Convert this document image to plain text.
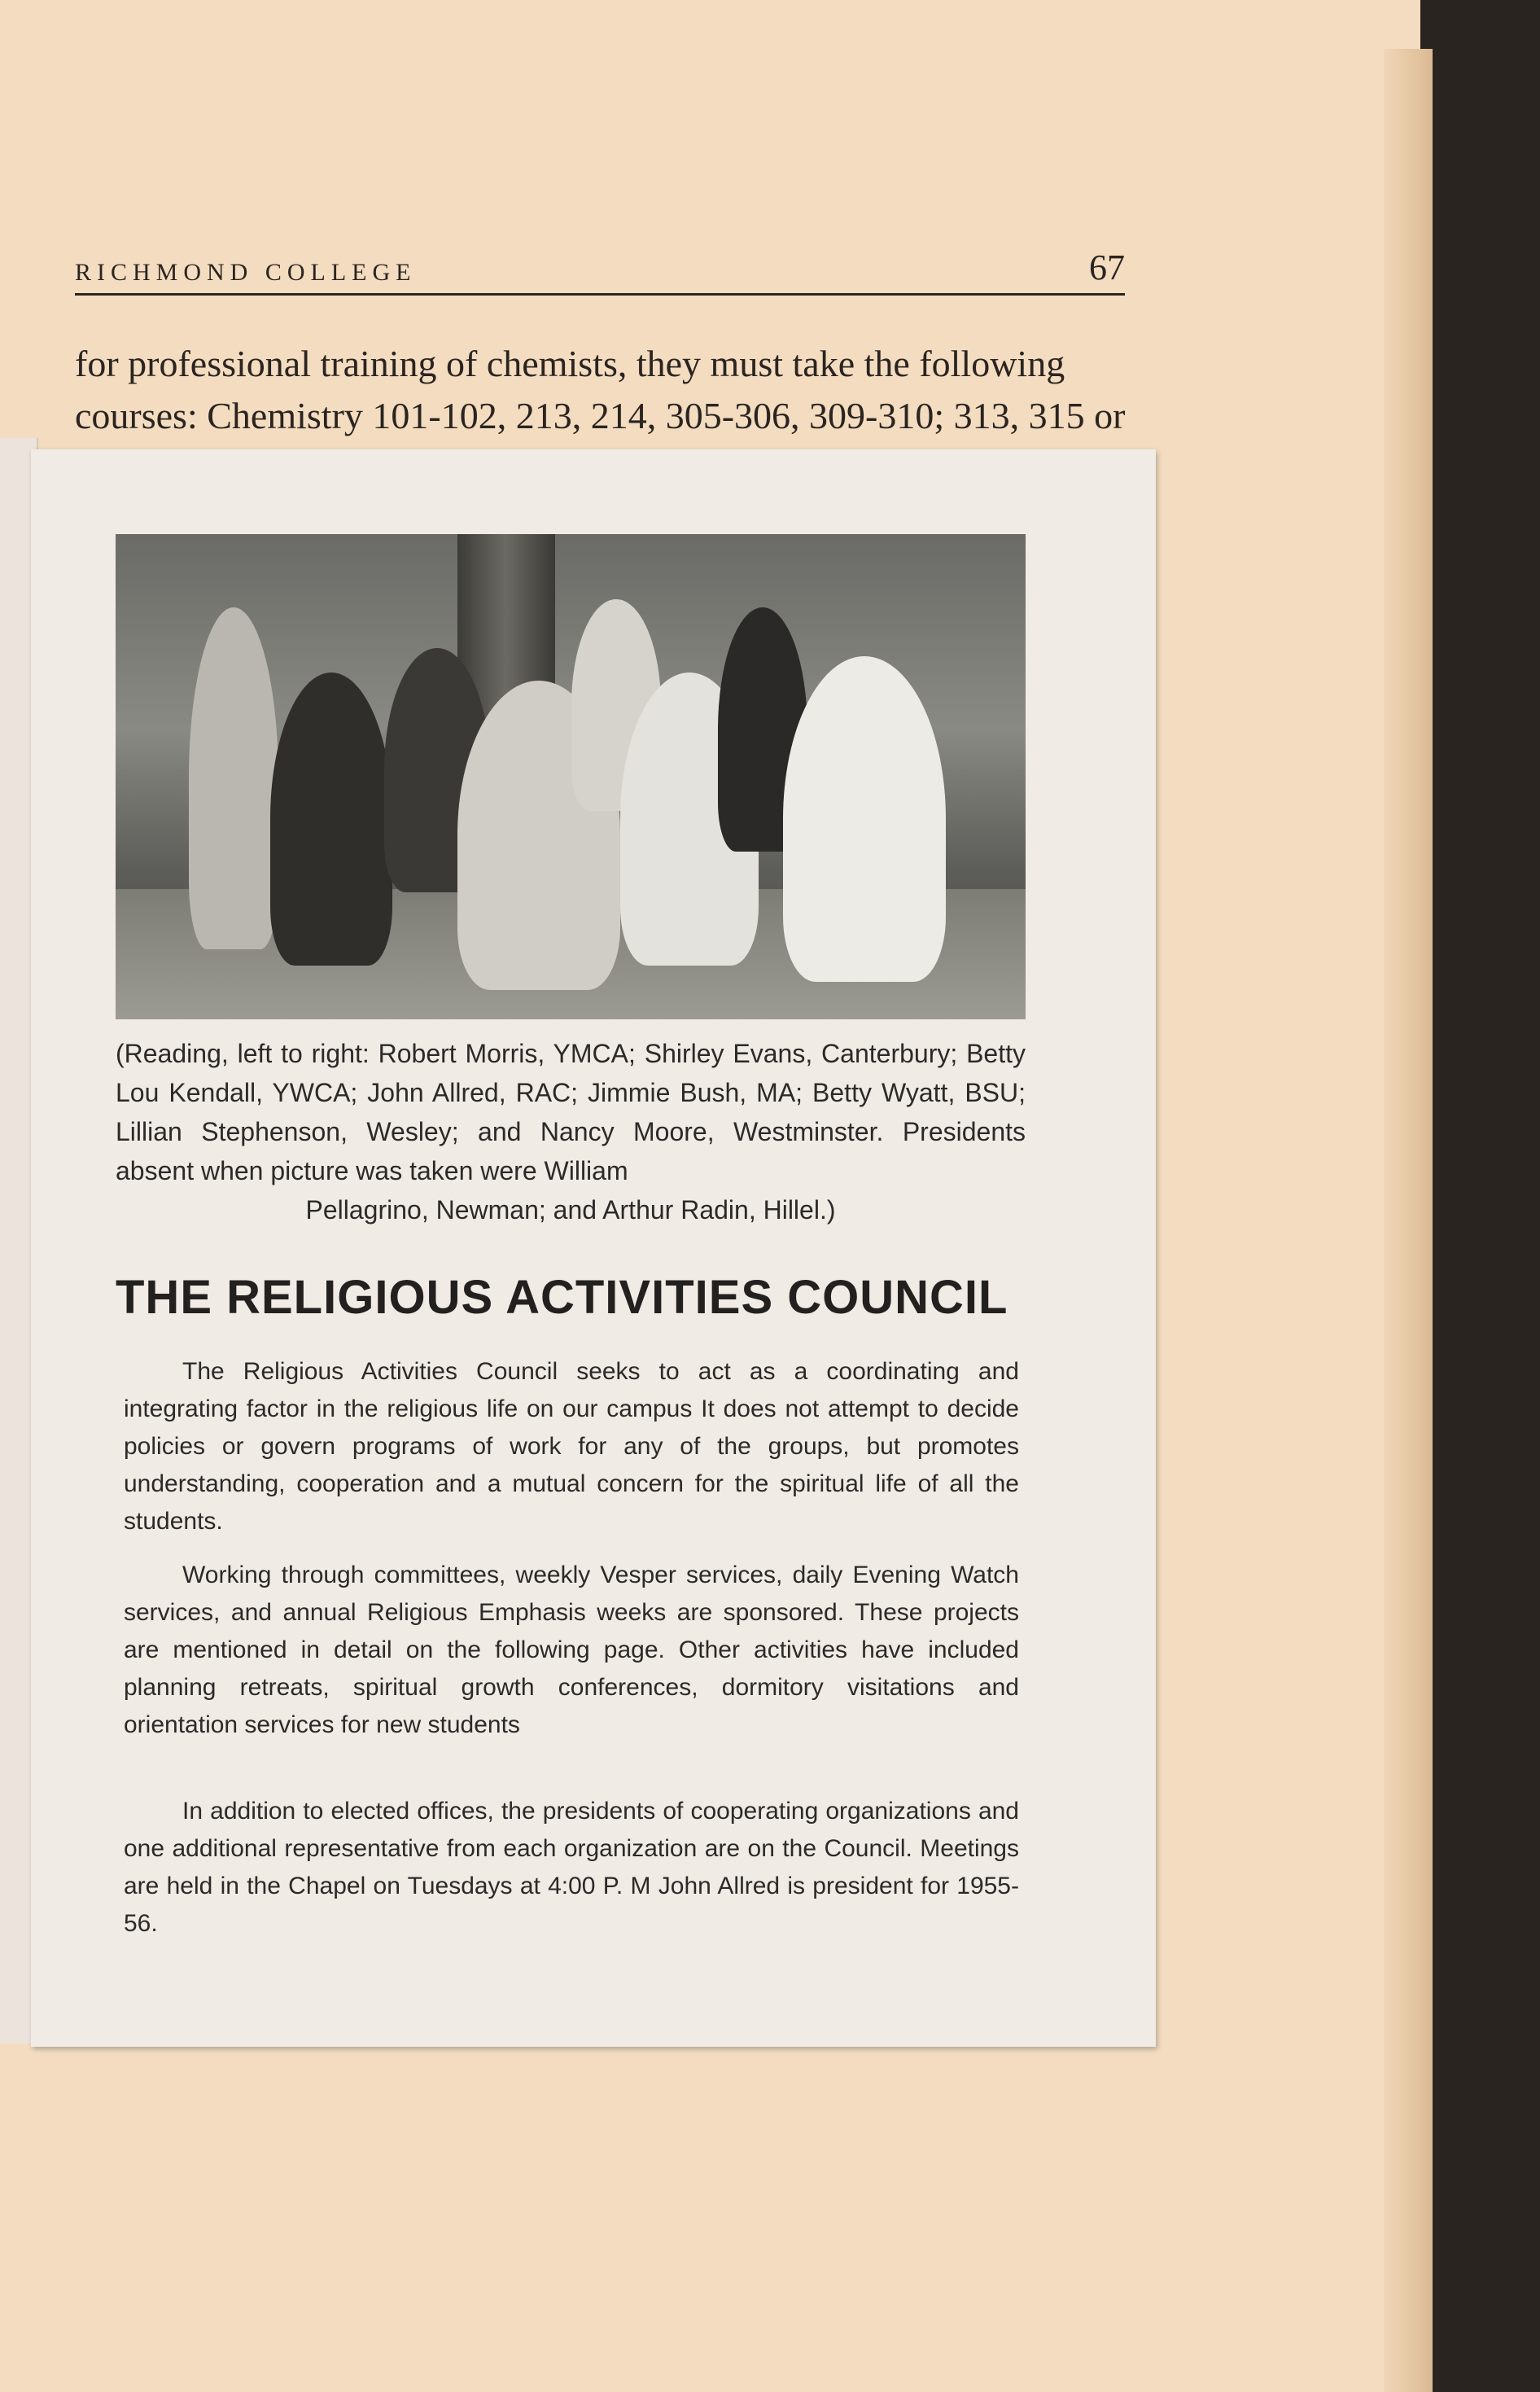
RICHMOND COLLEGE	67
for professional training of chemists, they must take the following
courses: Chemistry 101-102, 213, 214, 305-306, 309-310; 313, 315 or
(Reading, left to right: Robert Morris, YMCA; Shirley Evans, Canterbury; Betty Lou Kendall, YWCA; John Allred, RAC; Jimmie Bush, MA; Betty Wyatt, BSU; Lillian Stephenson, Wesley; and Nancy Moore, Westminster. Presidents absent when picture was taken were William
Pellagrino, Newman; and Arthur Radin, Hillel.)
THE RELIGIOUS ACTIVITIES COUNCIL

The Religious Activities Council seeks to act as a coordinating and integrating factor in the religious life on our campus It does not attempt to decide policies or govern programs of work for any of the groups, but promotes understanding, cooperation and a mutual concern for the spiritual life of all the students.

Working through committees, weekly Vesper services, daily Evening Watch services, and annual Religious Emphasis weeks are sponsored. These projects are mentioned in detail on the following page. Other activities have included planning retreats, spiritual growth conferences, dormitory visitations and orientation services for new students

In addition to elected offices, the presidents of cooperating organizations and one additional representative from each organization are on the Council. Meetings are held in the Chapel on Tuesdays at 4:00 P. M John Allred is president for 1955-56.
